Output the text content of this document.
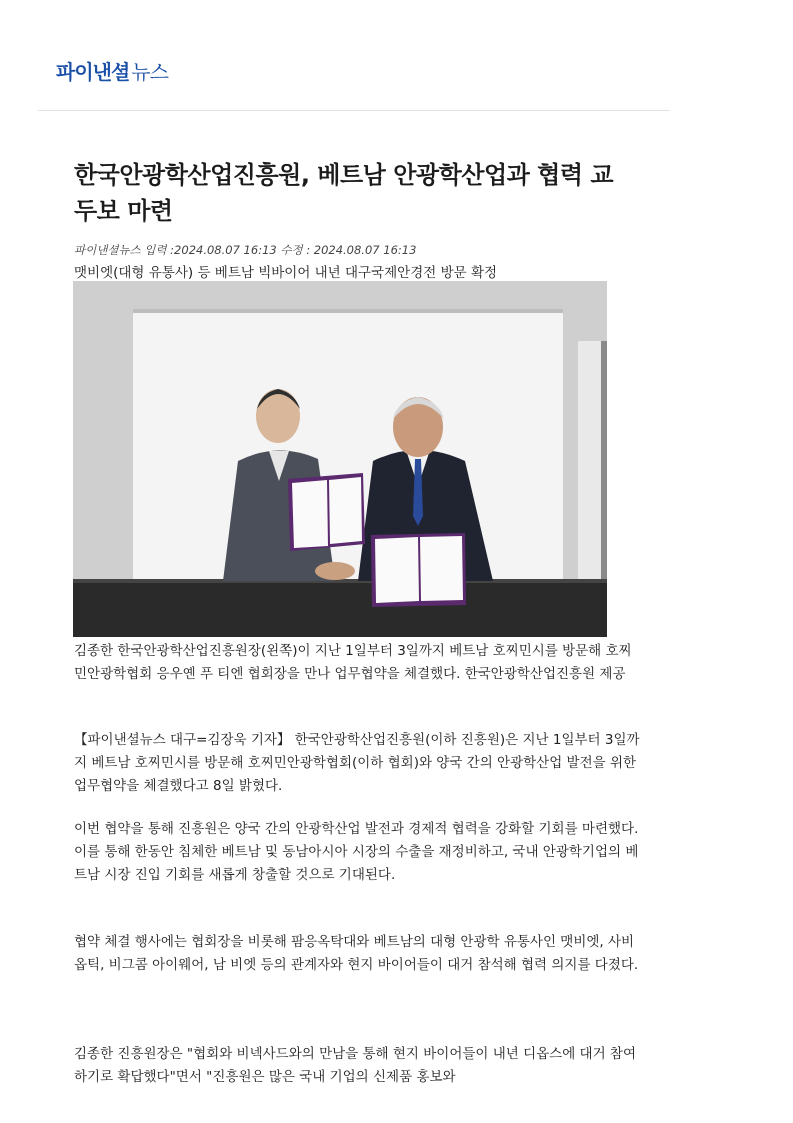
파이낸셜 뉴스
한국안광학산업진흥원, 베트남 안광학산업과 협력 교두보 마련
파이낸셜뉴스 입력 :2024.08.07 16:13 수정 : 2024.08.07 16:13
맷비엣(대형 유통사) 등 베트남 빅바이어 내년 대구국제안경전 방문 확정

김종한 한국안광학산업진흥원장(왼쪽)이 지난 1일부터 3일까지 베트남 호찌민시를 방문해 호찌민안광학협회 응우옌 푸 티엔 협회장을 만나 업무협약을 체결했다. 한국안광학산업진흥원 제공

【파이낸셜뉴스 대구=김장욱 기자】 한국안광학산업진흥원(이하 진흥원)은 지난 1일부터 3일까지 베트남 호찌민시를 방문해 호찌민안광학협회(이하 협회)와 양국 간의 안광학산업 발전을 위한 업무협약을 체결했다고 8일 밝혔다.

이번 협약을 통해 진흥원은 양국 간의 안광학산업 발전과 경제적 협력을 강화할 기회를 마련했다. 이를 통해 한동안 침체한 베트남 및 동남아시아 시장의 수출을 재정비하고, 국내 안광학기업의 베트남 시장 진입 기회를 새롭게 창출할 것으로 기대된다.

협약 체결 행사에는 협회장을 비롯해 팜응옥탁대와 베트남의 대형 안광학 유통사인 맷비엣, 사비옵틱, 비그콤 아이웨어, 남 비엣 등의 관계자와 현지 바이어들이 대거 참석해 협력 의지를 다졌다.

김종한 진흥원장은 "협회와 비넥사드와의 만남을 통해 현지 바이어들이 내년 디옵스에 대거 참여하기로 확답했다"면서 "진흥원은 많은 국내 기업의 신제품 홍보와
